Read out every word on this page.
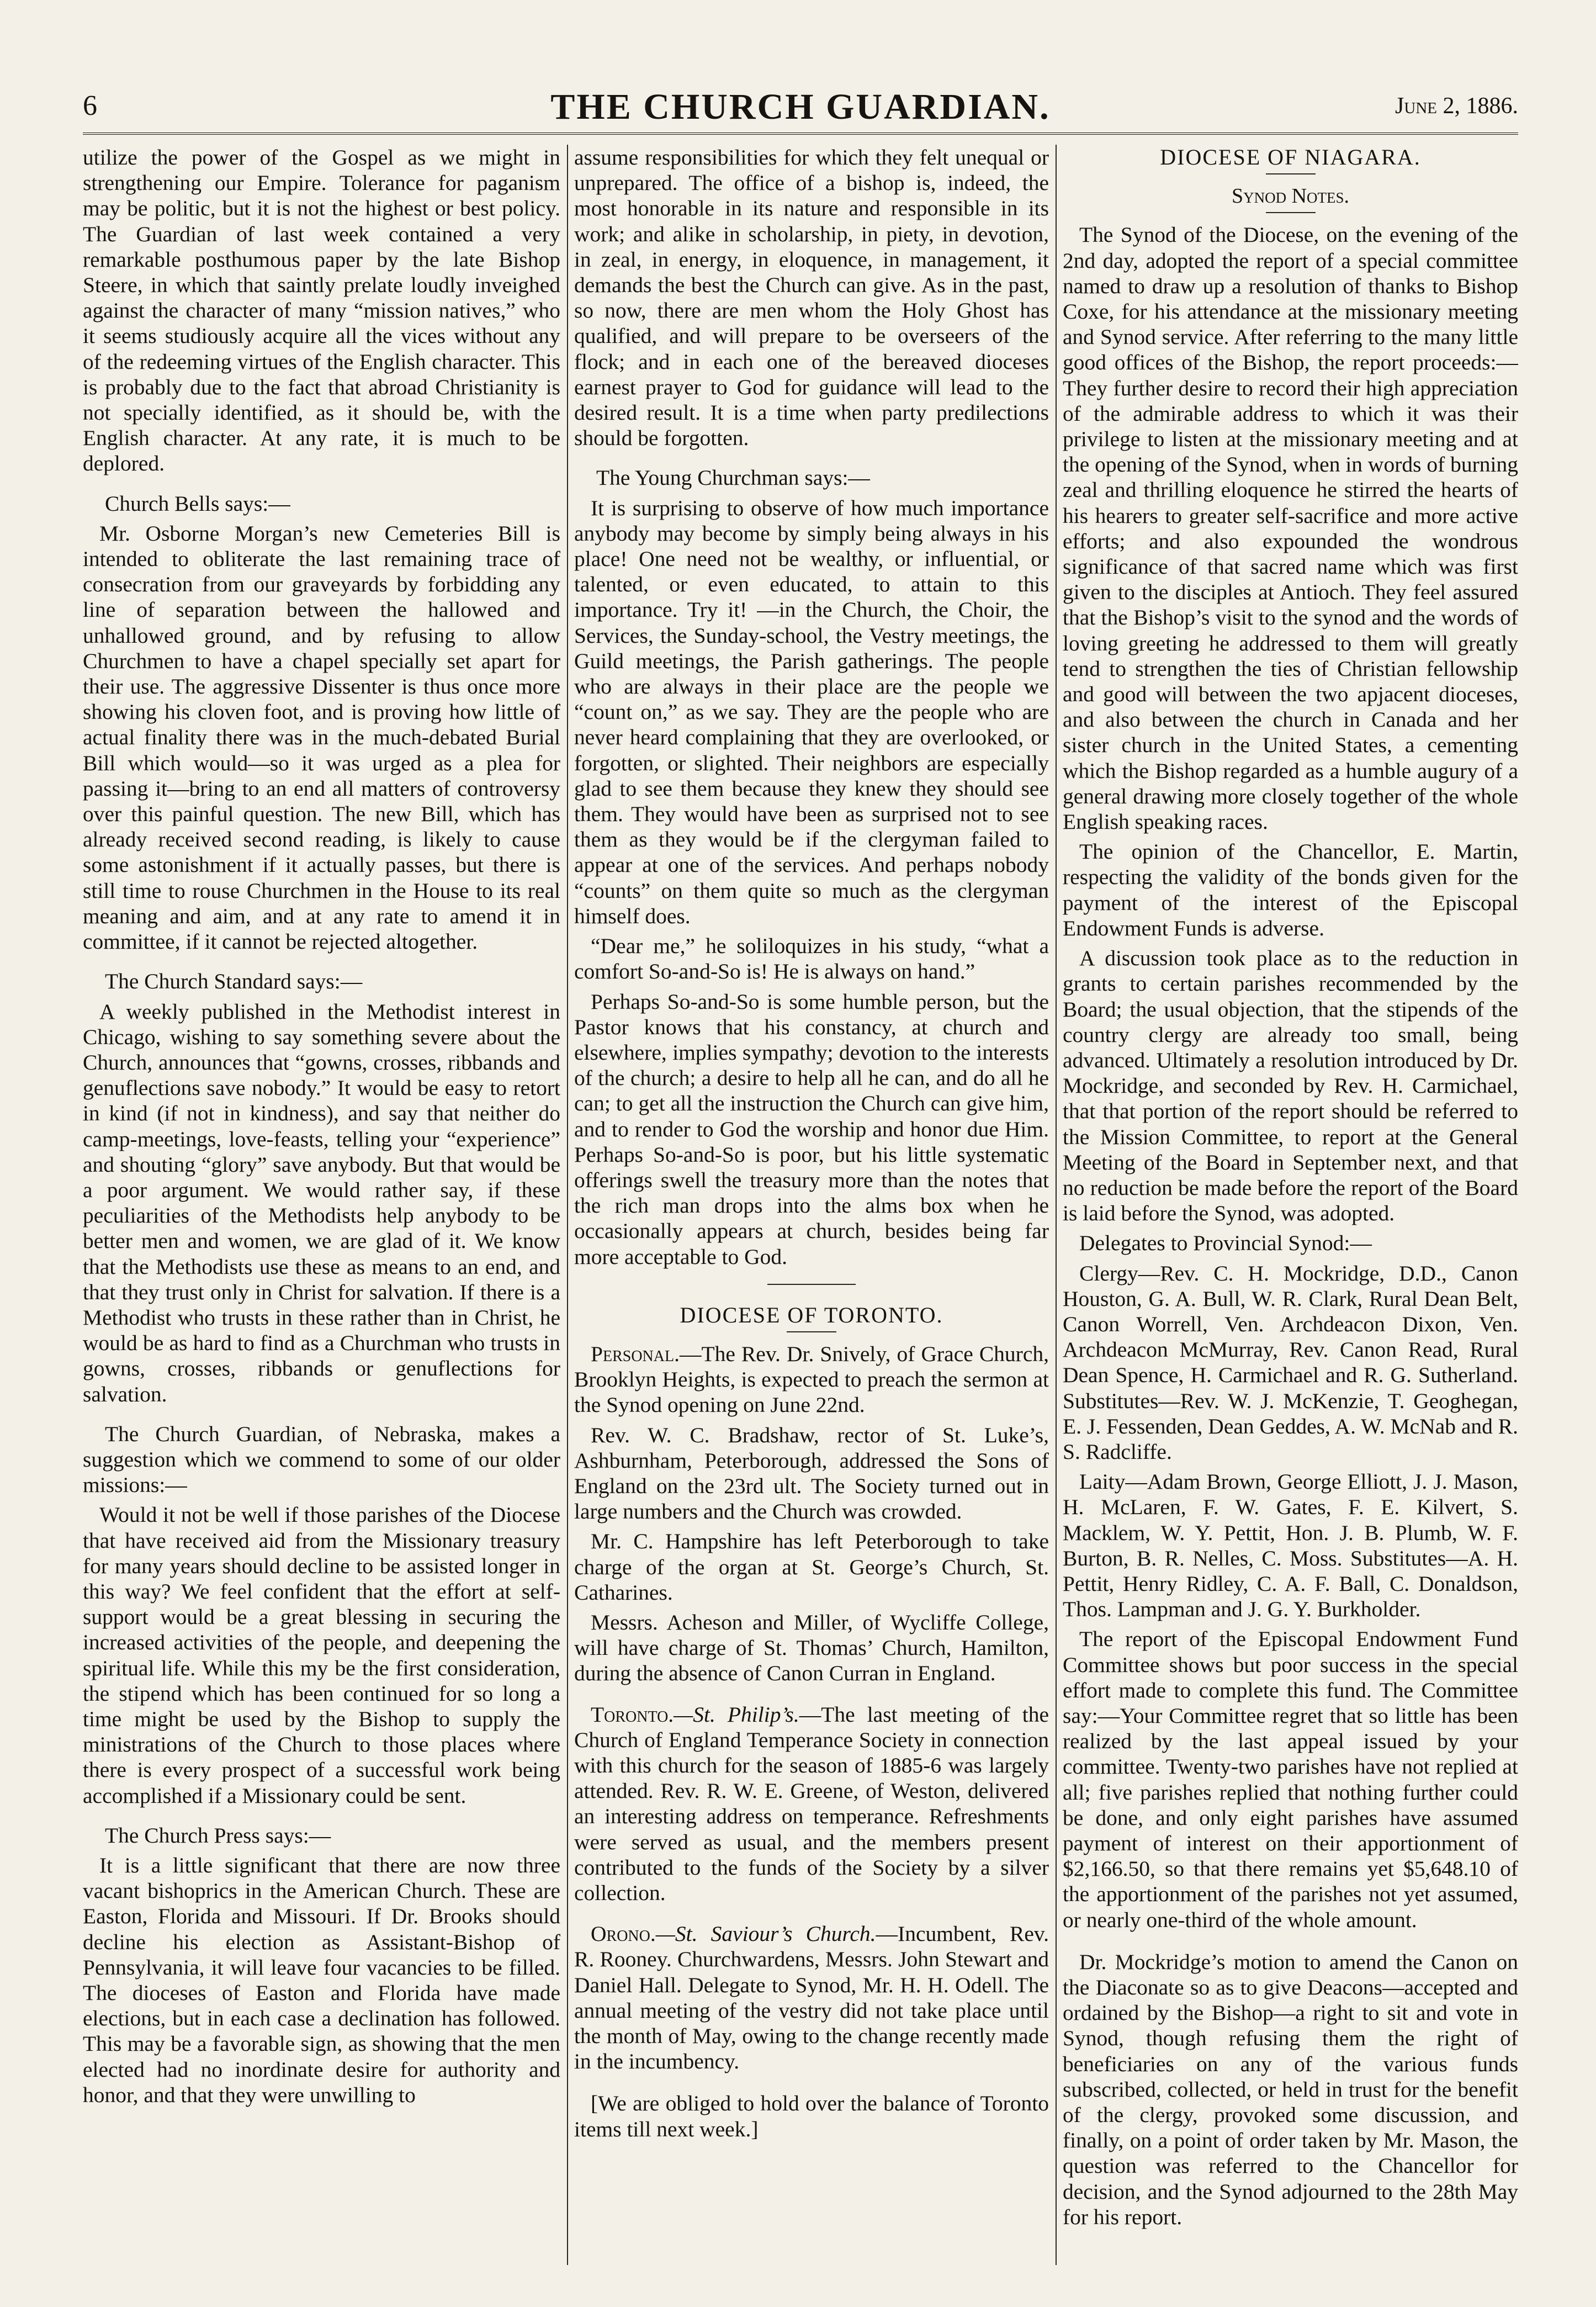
6	THE CHURCH GUARDIAN.	June 2, 1886.

utilize the power of the Gospel as we might in strengthening our Empire. Tolerance for paganism may be politic, but it is not the highest or best policy. The Guardian of last week contained a very remarkable posthumous paper by the late Bishop Steere, in which that saintly prelate loudly inveighed against the character of many “mission natives,” who it seems studiously acquire all the vices without any of the redeeming virtues of the English character. This is probably due to the fact that abroad Christianity is not specially identified, as it should be, with the English character. At any rate, it is much to be deplored.

Church Bells says:—

Mr. Osborne Morgan’s new Cemeteries Bill is intended to obliterate the last remaining trace of consecration from our graveyards by forbidding any line of separation between the hallowed and unhallowed ground, and by refusing to allow Churchmen to have a chapel specially set apart for their use. The aggressive Dissenter is thus once more showing his cloven foot, and is proving how little of actual finality there was in the much-debated Burial Bill which would—so it was urged as a plea for passing it—bring to an end all matters of controversy over this painful question. The new Bill, which has already received second reading, is likely to cause some astonishment if it actually passes, but there is still time to rouse Churchmen in the House to its real meaning and aim, and at any rate to amend it in committee, if it cannot be rejected altogether.

The Church Standard says:—

A weekly published in the Methodist interest in Chicago, wishing to say something severe about the Church, announces that “gowns, crosses, ribbands and genuflections save nobody.” It would be easy to retort in kind (if not in kindness), and say that neither do camp-meetings, love-feasts, telling your “experience” and shouting “glory” save anybody. But that would be a poor argument. We would rather say, if these peculiarities of the Methodists help anybody to be better men and women, we are glad of it. We know that the Methodists use these as means to an end, and that they trust only in Christ for salvation. If there is a Methodist who trusts in these rather than in Christ, he would be as hard to find as a Churchman who trusts in gowns, crosses, ribbands or genuflections for salvation.

The Church Guardian, of Nebraska, makes a suggestion which we commend to some of our older missions:—

Would it not be well if those parishes of the Diocese that have received aid from the Missionary treasury for many years should decline to be assisted longer in this way? We feel confident that the effort at self-support would be a great blessing in securing the increased activities of the people, and deepening the spiritual life. While this my be the first consideration, the stipend which has been continued for so long a time might be used by the Bishop to supply the ministrations of the Church to those places where there is every prospect of a successful work being accomplished if a Missionary could be sent.

The Church Press says:—

It is a little significant that there are now three vacant bishoprics in the American Church. These are Easton, Florida and Missouri. If Dr. Brooks should decline his election as Assistant-Bishop of Pennsylvania, it will leave four vacancies to be filled. The dioceses of Easton and Florida have made elections, but in each case a declination has followed. This may be a favorable sign, as showing that the men elected had no inordinate desire for authority and honor, and that they were unwilling to

assume responsibilities for which they felt unequal or unprepared. The office of a bishop is, indeed, the most honorable in its nature and responsible in its work; and alike in scholarship, in piety, in devotion, in zeal, in energy, in eloquence, in management, it demands the best the Church can give. As in the past, so now, there are men whom the Holy Ghost has qualified, and will prepare to be overseers of the flock; and in each one of the bereaved dioceses earnest prayer to God for guidance will lead to the desired result. It is a time when party predilections should be forgotten.

The Young Churchman says:—

It is surprising to observe of how much importance anybody may become by simply being always in his place! One need not be wealthy, or influential, or talented, or even educated, to attain to this importance. Try it! —in the Church, the Choir, the Services, the Sunday-school, the Vestry meetings, the Guild meetings, the Parish gatherings. The people who are always in their place are the people we “count on,” as we say. They are the people who are never heard complaining that they are overlooked, or forgotten, or slighted. Their neighbors are especially glad to see them because they knew they should see them. They would have been as surprised not to see them as they would be if the clergyman failed to appear at one of the services. And perhaps nobody “counts” on them quite so much as the clergyman himself does.

“Dear me,” he soliloquizes in his study, “what a comfort So-and-So is! He is always on hand.”

Perhaps So-and-So is some humble person, but the Pastor knows that his constancy, at church and elsewhere, implies sympathy; devotion to the interests of the church; a desire to help all he can, and do all he can; to get all the instruction the Church can give him, and to render to God the worship and honor due Him. Perhaps So-and-So is poor, but his little systematic offerings swell the treasury more than the notes that the rich man drops into the alms box when he occasionally appears at church, besides being far more acceptable to God.

DIOCESE OF TORONTO.

Personal.—The Rev. Dr. Snively, of Grace Church, Brooklyn Heights, is expected to preach the sermon at the Synod opening on June 22nd.

Rev. W. C. Bradshaw, rector of St. Luke’s, Ashburnham, Peterborough, addressed the Sons of England on the 23rd ult. The Society turned out in large numbers and the Church was crowded.

Mr. C. Hampshire has left Peterborough to take charge of the organ at St. George’s Church, St. Catharines.

Messrs. Acheson and Miller, of Wycliffe College, will have charge of St. Thomas’ Church, Hamilton, during the absence of Canon Curran in England.

Toronto.—St. Philip’s.—The last meeting of the Church of England Temperance Society in connection with this church for the season of 1885-6 was largely attended. Rev. R. W. E. Greene, of Weston, delivered an interesting address on temperance. Refreshments were served as usual, and the members present contributed to the funds of the Society by a silver collection.

Orono.—St. Saviour’s Church.—Incumbent, Rev. R. Rooney. Churchwardens, Messrs. John Stewart and Daniel Hall. Delegate to Synod, Mr. H. H. Odell. The annual meeting of the vestry did not take place until the month of May, owing to the change recently made in the incumbency.

[We are obliged to hold over the balance of Toronto items till next week.]

DIOCESE OF NIAGARA.
Synod Notes.

The Synod of the Diocese, on the evening of the 2nd day, adopted the report of a special committee named to draw up a resolution of thanks to Bishop Coxe, for his attendance at the missionary meeting and Synod service. After referring to the many little good offices of the Bishop, the report proceeds:—They further desire to record their high appreciation of the admirable address to which it was their privilege to listen at the missionary meeting and at the opening of the Synod, when in words of burning zeal and thrilling eloquence he stirred the hearts of his hearers to greater self-sacrifice and more active efforts; and also expounded the wondrous significance of that sacred name which was first given to the disciples at Antioch. They feel assured that the Bishop’s visit to the synod and the words of loving greeting he addressed to them will greatly tend to strengthen the ties of Christian fellowship and good will between the two apjacent dioceses, and also between the church in Canada and her sister church in the United States, a cementing which the Bishop regarded as a humble augury of a general drawing more closely together of the whole English speaking races.

The opinion of the Chancellor, E. Martin, respecting the validity of the bonds given for the payment of the interest of the Episcopal Endowment Funds is adverse.

A discussion took place as to the reduction in grants to certain parishes recommended by the Board; the usual objection, that the stipends of the country clergy are already too small, being advanced. Ultimately a resolution introduced by Dr. Mockridge, and seconded by Rev. H. Carmichael, that that portion of the report should be referred to the Mission Committee, to report at the General Meeting of the Board in September next, and that no reduction be made before the report of the Board is laid before the Synod, was adopted.

Delegates to Provincial Synod:—

Clergy—Rev. C. H. Mockridge, D.D., Canon Houston, G. A. Bull, W. R. Clark, Rural Dean Belt, Canon Worrell, Ven. Archdeacon Dixon, Ven. Archdeacon McMurray, Rev. Canon Read, Rural Dean Spence, H. Carmichael and R. G. Sutherland. Substitutes—Rev. W. J. McKenzie, T. Geoghegan, E. J. Fessenden, Dean Geddes, A. W. McNab and R. S. Radcliffe.

Laity—Adam Brown, George Elliott, J. J. Mason, H. McLaren, F. W. Gates, F. E. Kilvert, S. Macklem, W. Y. Pettit, Hon. J. B. Plumb, W. F. Burton, B. R. Nelles, C. Moss. Substitutes—A. H. Pettit, Henry Ridley, C. A. F. Ball, C. Donaldson, Thos. Lampman and J. G. Y. Burkholder.

The report of the Episcopal Endowment Fund Committee shows but poor success in the special effort made to complete this fund. The Committee say:—Your Committee regret that so little has been realized by the last appeal issued by your committee. Twenty-two parishes have not replied at all; five parishes replied that nothing further could be done, and only eight parishes have assumed payment of interest on their apportionment of $2,166.50, so that there remains yet $5,648.10 of the apportionment of the parishes not yet assumed, or nearly one-third of the whole amount.

Dr. Mockridge’s motion to amend the Canon on the Diaconate so as to give Deacons—accepted and ordained by the Bishop—a right to sit and vote in Synod, though refusing them the right of beneficiaries on any of the various funds subscribed, collected, or held in trust for the benefit of the clergy, provoked some discussion, and finally, on a point of order taken by Mr. Mason, the question was referred to the Chancellor for decision, and the Synod adjourned to the 28th May for his report.
